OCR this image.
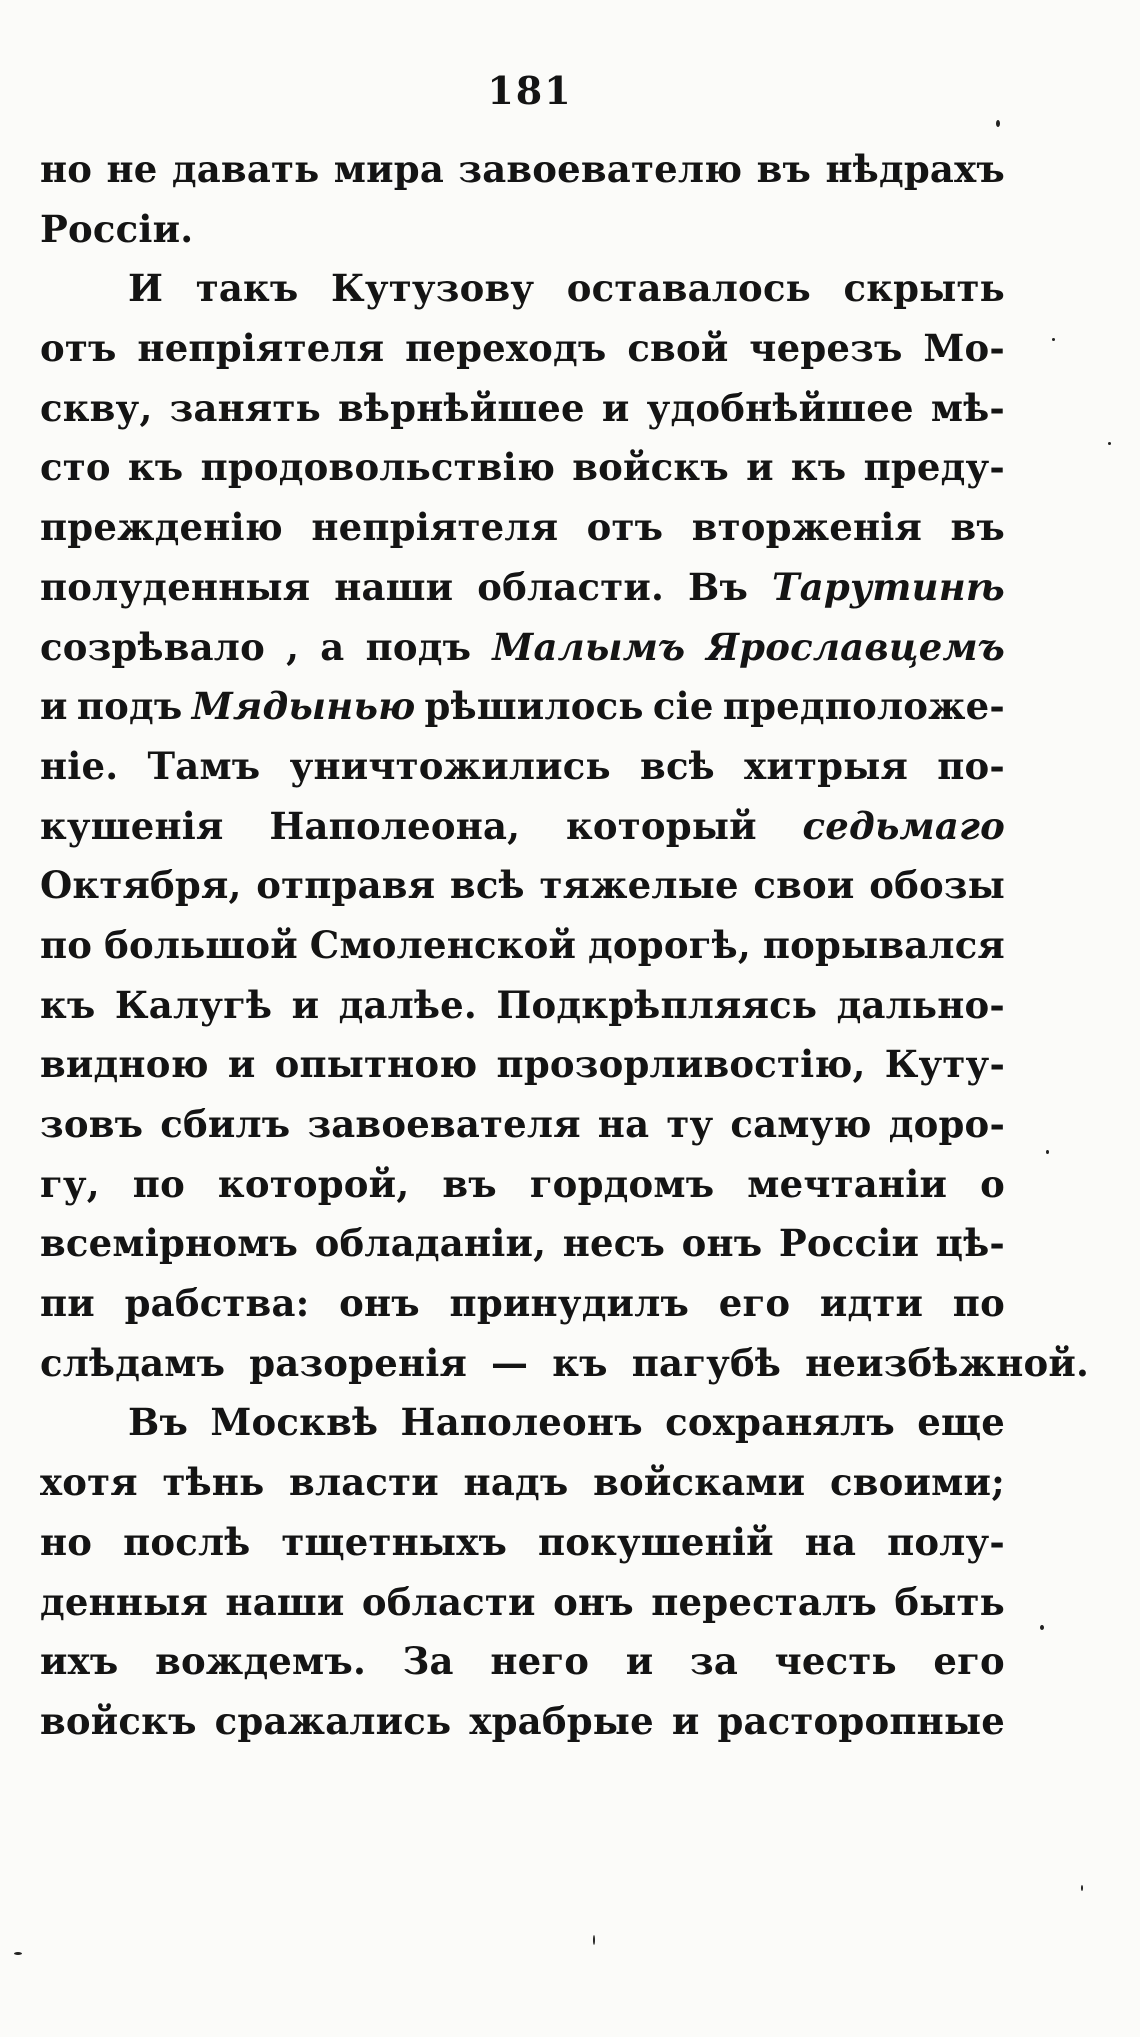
181
но не давать мира завоевателю въ нѣдрахъ
Россіи.
И такъ Кутузову оставалось скрыть
отъ непріятеля переходъ свой черезъ Мо-
скву, занять вѣрнѣйшее и удобнѣйшее мѣ-
сто къ продовольствію войскъ и къ преду-
прежденію непріятеля отъ вторженія въ
полуденныя наши области. Въ Тарутинѣ
созрѣвало , а подъ Малымъ Ярославцемъ
и подъ Мядынью рѣшилось сіе предположе-
ніе. Тамъ уничтожились всѣ хитрыя по-
кушенія Наполеона, который седьмаго
Октября, отправя всѣ тяжелые свои обозы
по большой Смоленской дорогѣ, порывался
къ Калугѣ и далѣе. Подкрѣпляясь дально-
видною и опытною прозорливостію, Куту-
зовъ сбилъ завоевателя на ту самую доро-
гу, по которой, въ гордомъ мечтаніи о
всемірномъ обладаніи, несъ онъ Россіи цѣ-
пи рабства: онъ принудилъ его идти по
слѣдамъ разоренія — къ пагубѣ неизбѣжной.
Въ Москвѣ Наполеонъ сохранялъ еще
хотя тѣнь власти надъ войсками своими;
но послѣ тщетныхъ покушеній на полу-
денныя наши области онъ пересталъ быть
ихъ вождемъ. За него и за честь его
войскъ сражались храбрые и расторопные
